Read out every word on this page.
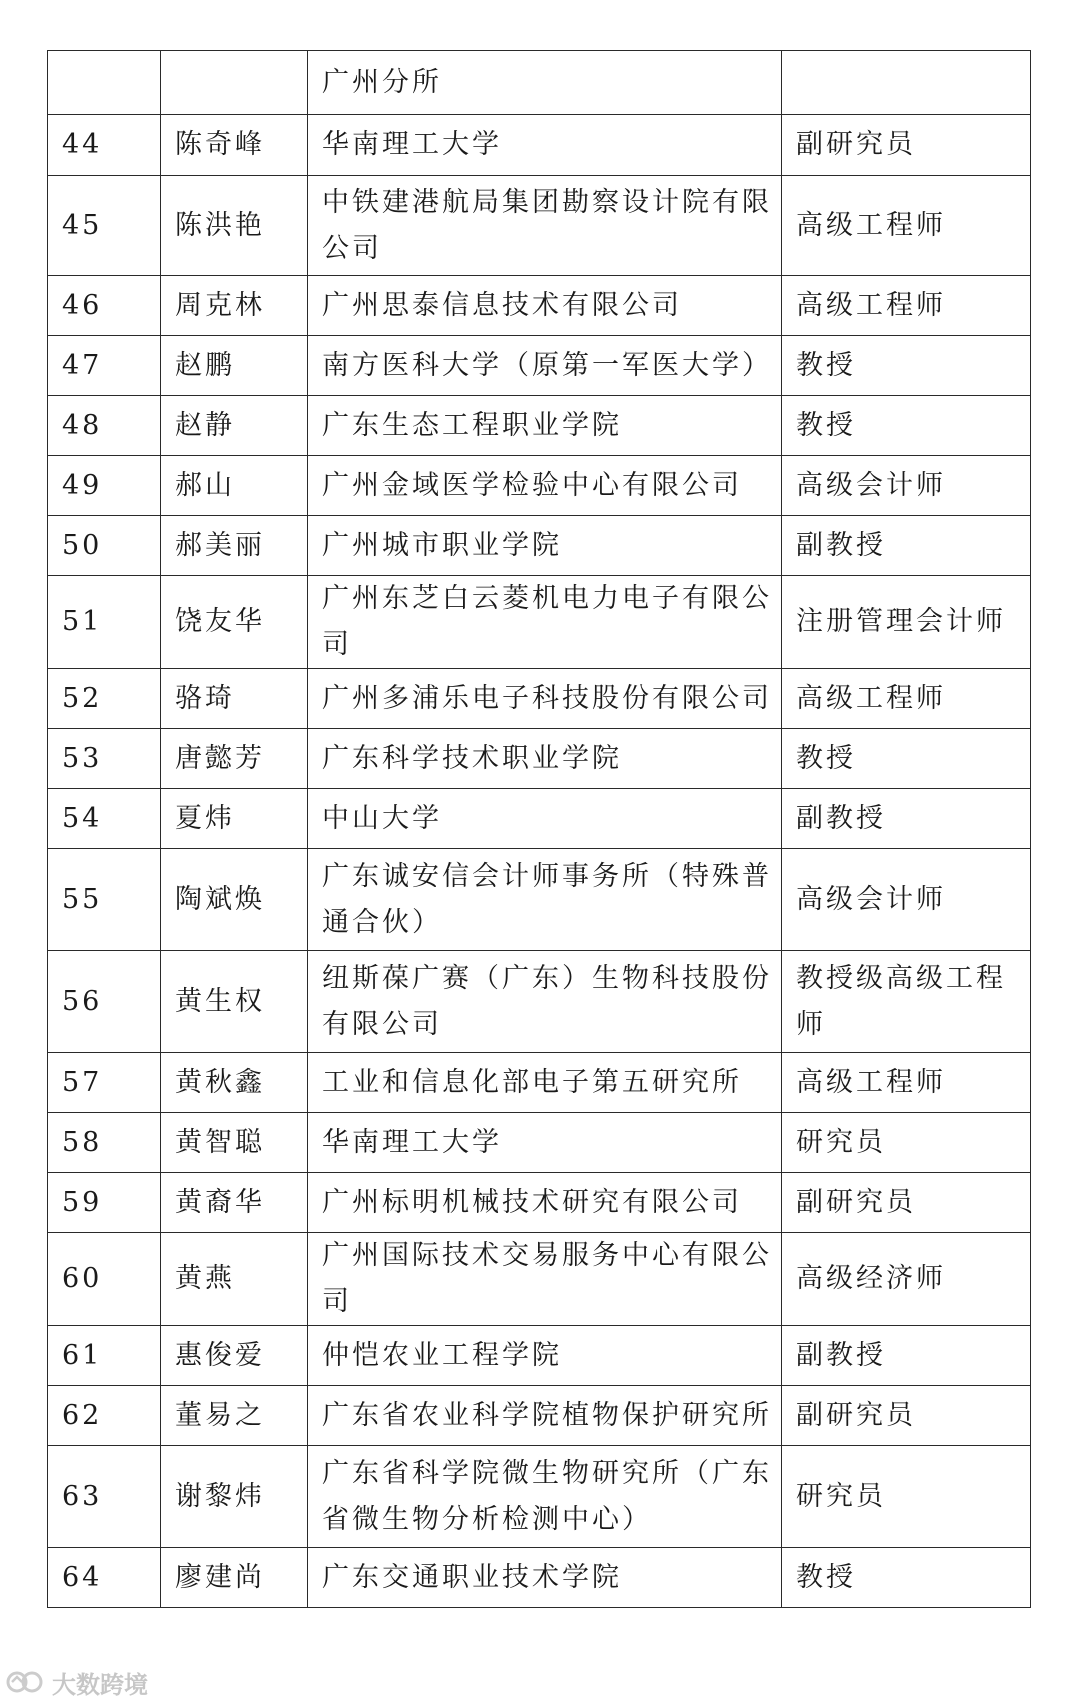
		广州分所	
44	陈奇峰	华南理工大学	副研究员
45	陈洪艳	中铁建港航局集团勘察设计院有限公司	高级工程师
46	周克林	广州思泰信息技术有限公司	高级工程师
47	赵鹏	南方医科大学（原第一军医大学）	教授
48	赵静	广东生态工程职业学院	教授
49	郝山	广州金域医学检验中心有限公司	高级会计师
50	郝美丽	广州城市职业学院	副教授
51	饶友华	广州东芝白云菱机电力电子有限公司	注册管理会计师
52	骆琦	广州多浦乐电子科技股份有限公司	高级工程师
53	唐懿芳	广东科学技术职业学院	教授
54	夏炜	中山大学	副教授
55	陶斌焕	广东诚安信会计师事务所（特殊普通合伙）	高级会计师
56	黄生权	纽斯葆广赛（广东）生物科技股份有限公司	教授级高级工程师
57	黄秋鑫	工业和信息化部电子第五研究所	高级工程师
58	黄智聪	华南理工大学	研究员
59	黄裔华	广州标明机械技术研究有限公司	副研究员
60	黄燕	广州国际技术交易服务中心有限公司	高级经济师
61	惠俊爱	仲恺农业工程学院	副教授
62	董易之	广东省农业科学院植物保护研究所	副研究员
63	谢黎炜	广东省科学院微生物研究所（广东省微生物分析检测中心）	研究员
64	廖建尚	广东交通职业技术学院	教授
大数跨境
